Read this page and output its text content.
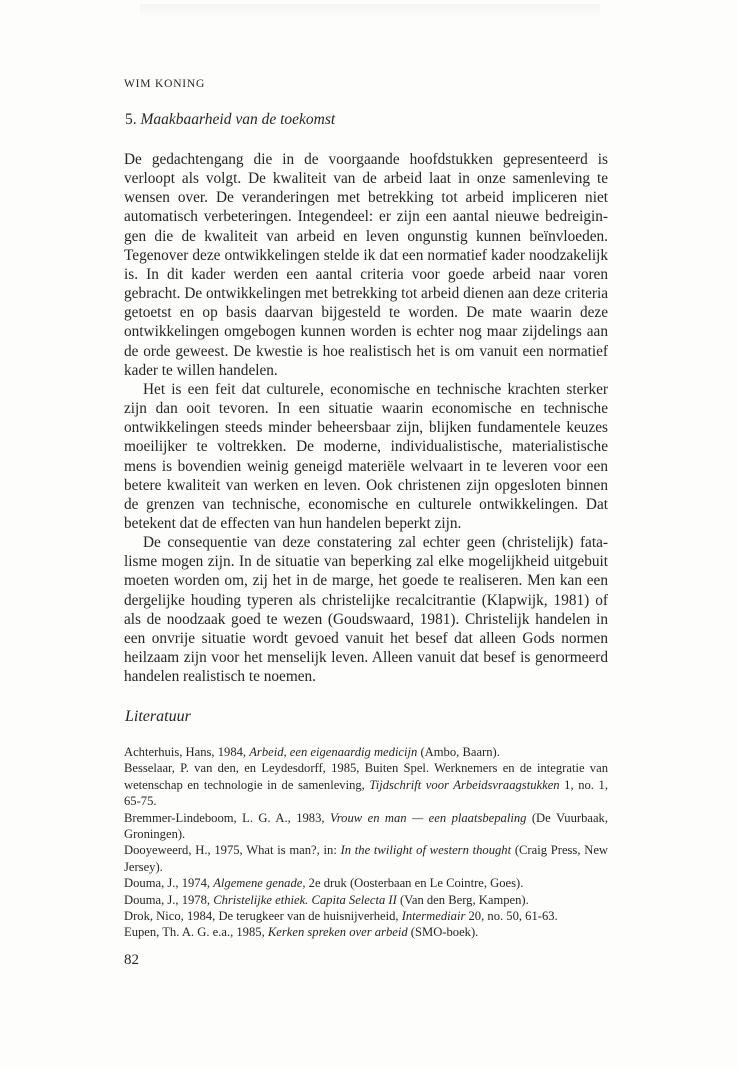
WIM KONING
5. Maakbaarheid van de toekomst

De gedachtengang die in de voorgaande hoofdstukken gepresenteerd is verloopt als volgt. De kwaliteit van de arbeid laat in onze samenleving te wensen over. De veranderingen met betrekking tot arbeid impliceren niet automatisch verbeteringen. Integendeel: er zijn een aantal nieuwe bedreigingen die de kwaliteit van arbeid en leven ongunstig kunnen beïnvloeden. Tegenover deze ontwikkelingen stelde ik dat een normatief kader noodzakelijk is. In dit kader werden een aantal criteria voor goede arbeid naar voren gebracht. De ontwikkelingen met betrekking tot arbeid dienen aan deze criteria getoetst en op basis daarvan bijgesteld te worden. De mate waarin deze ontwikkelingen omgebogen kunnen worden is echter nog maar zijdelings aan de orde geweest. De kwestie is hoe realistisch het is om vanuit een normatief kader te willen handelen.

Het is een feit dat culturele, economische en technische krachten sterker zijn dan ooit tevoren. In een situatie waarin economische en technische ontwikkelingen steeds minder beheersbaar zijn, blijken fundamentele keuzes moeilijker te voltrekken. De moderne, individualistische, materialistische mens is bovendien weinig geneigd materiële welvaart in te leveren voor een betere kwaliteit van werken en leven. Ook christenen zijn opgesloten binnen de grenzen van technische, economische en culturele ontwikkelingen. Dat betekent dat de effecten van hun handelen beperkt zijn.

De consequentie van deze constatering zal echter geen (christelijk) fatalisme mogen zijn. In de situatie van beperking zal elke mogelijkheid uitgebuit moeten worden om, zij het in de marge, het goede te realiseren. Men kan een dergelijke houding typeren als christelijke recalcitrantie (Klapwijk, 1981) of als de noodzaak goed te wezen (Goudswaard, 1981). Christelijk handelen in een onvrije situatie wordt gevoed vanuit het besef dat alleen Gods normen heilzaam zijn voor het menselijk leven. Alleen vanuit dat besef is genormeerd handelen realistisch te noemen.

Literatuur

Achterhuis, Hans, 1984, Arbeid, een eigenaardig medicijn (Ambo, Baarn).

Besselaar, P. van den, en Leydesdorff, 1985, Buiten Spel. Werknemers en de integratie van wetenschap en technologie in de samenleving, Tijdschrift voor Arbeidsvraagstukken 1, no. 1, 65-75.

Bremmer-Lindeboom, L. G. A., 1983, Vrouw en man — een plaatsbepaling (De Vuurbaak, Groningen).

Dooyeweerd, H., 1975, What is man?, in: In the twilight of western thought (Craig Press, New Jersey).

Douma, J., 1974, Algemene genade, 2e druk (Oosterbaan en Le Cointre, Goes).

Douma, J., 1978, Christelijke ethiek. Capita Selecta II (Van den Berg, Kampen).

Drok, Nico, 1984, De terugkeer van de huisnijverheid, Intermediair 20, no. 50, 61-63.

Eupen, Th. A. G. e.a., 1985, Kerken spreken over arbeid (SMO-boek).

82
